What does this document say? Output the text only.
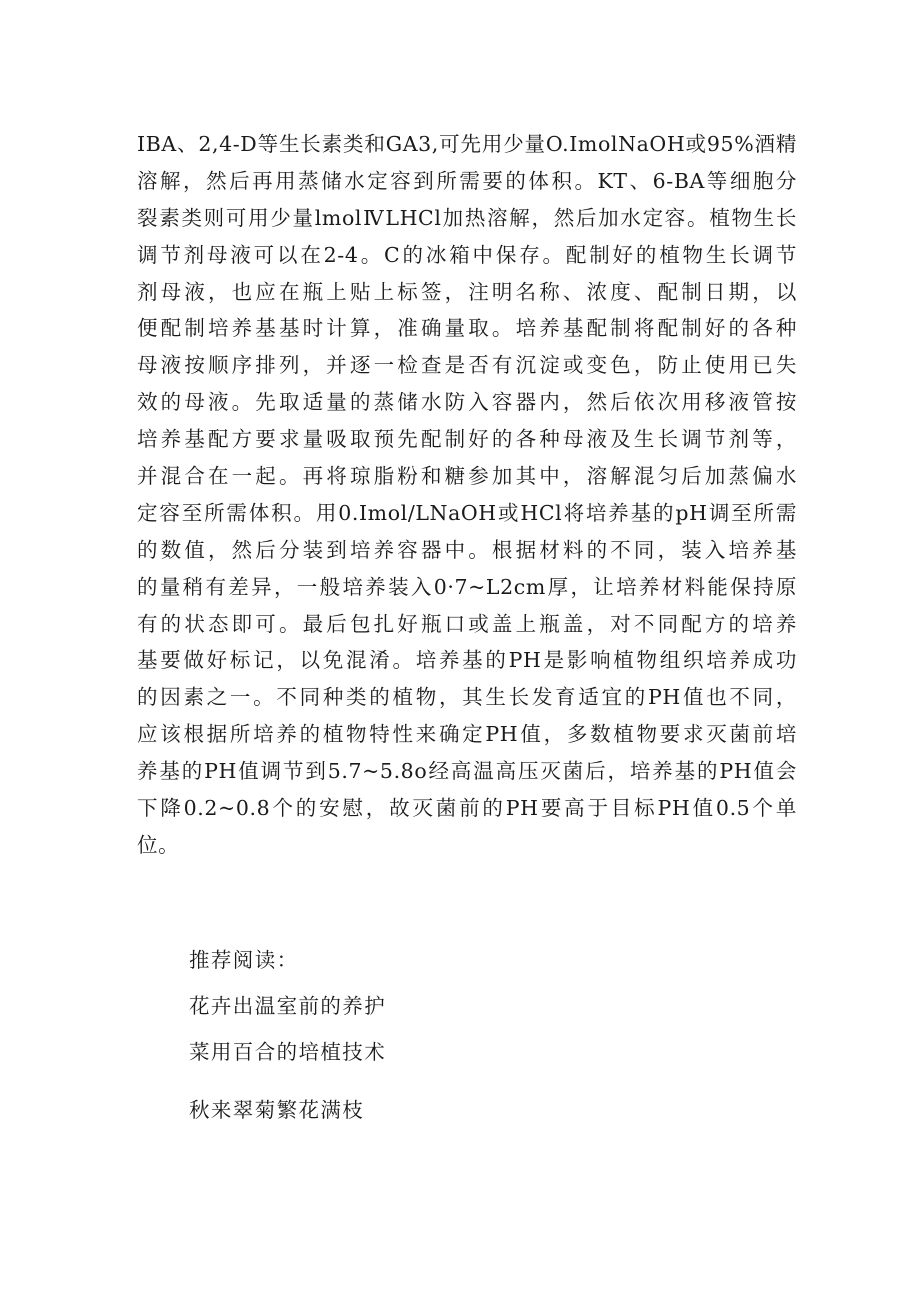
IBA、2,4-D等生长素类和GA3,可先用少量O.ImolNaOH或95%酒精
溶解，然后再用蒸储水定容到所需要的体积。KT、6-BA等细胞分
裂素类则可用少量lmolⅣLHCl加热溶解，然后加水定容。植物生长
调节剂母液可以在2-4。C的冰箱中保存。配制好的植物生长调节
剂母液，也应在瓶上贴上标签，注明名称、浓度、配制日期，以
便配制培养基基时计算，准确量取。培养基配制将配制好的各种
母液按顺序排列，并逐一检查是否有沉淀或变色，防止使用已失
效的母液。先取适量的蒸储水防入容器内，然后依次用移液管按
培养基配方要求量吸取预先配制好的各种母液及生长调节剂等，
并混合在一起。再将琼脂粉和糖参加其中，溶解混匀后加蒸偏水
定容至所需体积。用0.Imol/LNaOH或HCl将培养基的pH调至所需
的数值，然后分装到培养容器中。根据材料的不同，装入培养基
的量稍有差异，一般培养装入0·7~L2cm厚，让培养材料能保持原
有的状态即可。最后包扎好瓶口或盖上瓶盖，对不同配方的培养
基要做好标记，以免混淆。培养基的PH是影响植物组织培养成功
的因素之一。不同种类的植物，其生长发育适宜的PH值也不同，
应该根据所培养的植物特性来确定PH值，多数植物要求灭菌前培
养基的PH值调节到5.7~5.8o经高温高压灭菌后，培养基的PH值会
下降0.2~0.8个的安慰，故灭菌前的PH要高于目标PH值0.5个单
位。
推荐阅读：
花卉出温室前的养护
菜用百合的培植技术
秋来翠菊繁花满枝
